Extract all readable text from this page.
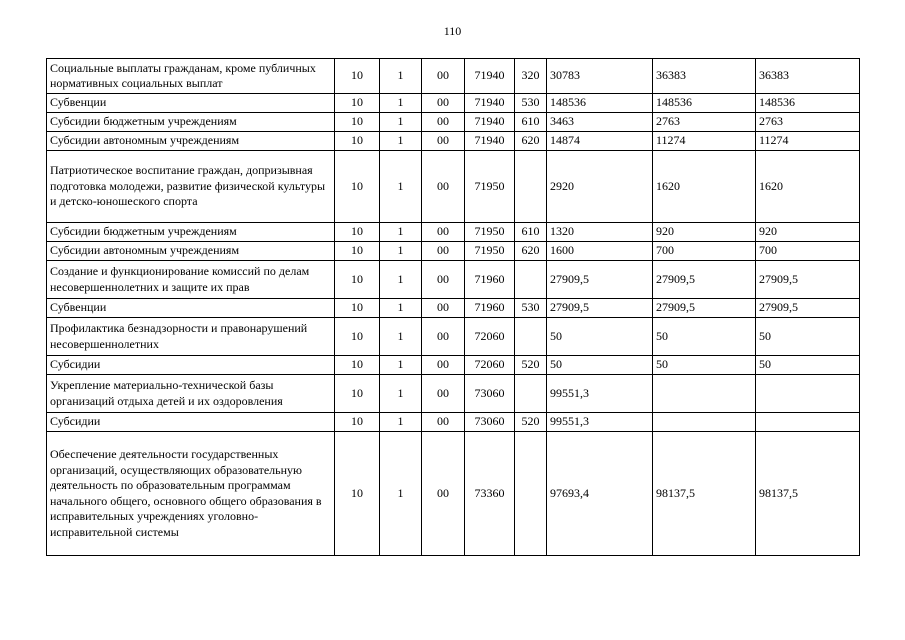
110
Социальные выплаты гражданам, кроме публичных нормативных социальных выплат	10	1	00	71940	320	30783	36383	36383
Субвенции	10	1	00	71940	530	148536	148536	148536
Субсидии бюджетным учреждениям	10	1	00	71940	610	3463	2763	2763
Субсидии автономным учреждениям	10	1	00	71940	620	14874	11274	11274
Патриотическое воспитание граждан, допризывная подготовка молодежи, развитие физической культуры и детско-юношеского спорта	10	1	00	71950		2920	1620	1620
Субсидии бюджетным учреждениям	10	1	00	71950	610	1320	920	920
Субсидии автономным учреждениям	10	1	00	71950	620	1600	700	700
Создание и функционирование комиссий по делам несовершеннолетних и защите их прав	10	1	00	71960		27909,5	27909,5	27909,5
Субвенции	10	1	00	71960	530	27909,5	27909,5	27909,5
Профилактика безнадзорности и правонарушений несовершеннолетних	10	1	00	72060		50	50	50
Субсидии	10	1	00	72060	520	50	50	50
Укрепление материально-технической базы организаций отдыха детей и их оздоровления	10	1	00	73060		99551,3		
Субсидии	10	1	00	73060	520	99551,3		
Обеспечение деятельности государственных организаций, осуществляющих образовательную деятельность по образовательным программам начального общего, основного общего образования в исправительных учреждениях уголовно-исправительной системы	10	1	00	73360		97693,4	98137,5	98137,5
